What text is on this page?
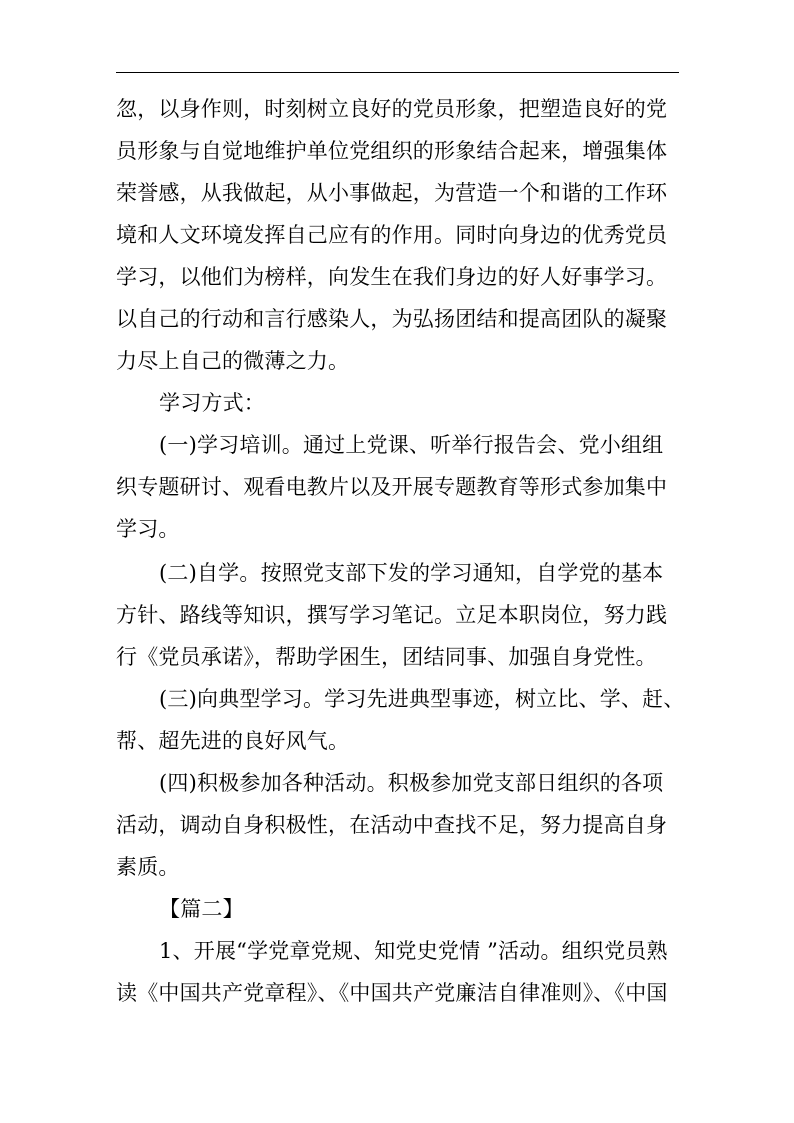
忽，以身作则，时刻树立良好的党员形象，把塑造良好的党
员形象与自觉地维护单位党组织的形象结合起来，增强集体
荣誉感，从我做起，从小事做起，为营造一个和谐的工作环
境和人文环境发挥自己应有的作用。同时向身边的优秀党员
学习，以他们为榜样，向发生在我们身边的好人好事学习。
以自己的行动和言行感染人，为弘扬团结和提高团队的凝聚
力尽上自己的微薄之力。
学习方式：
(一)学习培训。通过上党课、听举行报告会、党小组组
织专题研讨、观看电教片以及开展专题教育等形式参加集中
学习。
(二)自学。按照党支部下发的学习通知，自学党的基本
方针、路线等知识，撰写学习笔记。立足本职岗位，努力践
行《党员承诺》，帮助学困生，团结同事、加强自身党性。
(三)向典型学习。学习先进典型事迹，树立比、学、赶、
帮、超先进的良好风气。
(四)积极参加各种活动。积极参加党支部日组织的各项
活动，调动自身积极性，在活动中查找不足，努力提高自身
素质。
【篇二】
1、开展“学党章党规、知党史党情 ”活动。组织党员熟
读《中国共产党章程》、《中国共产党廉洁自律准则》、《中国
